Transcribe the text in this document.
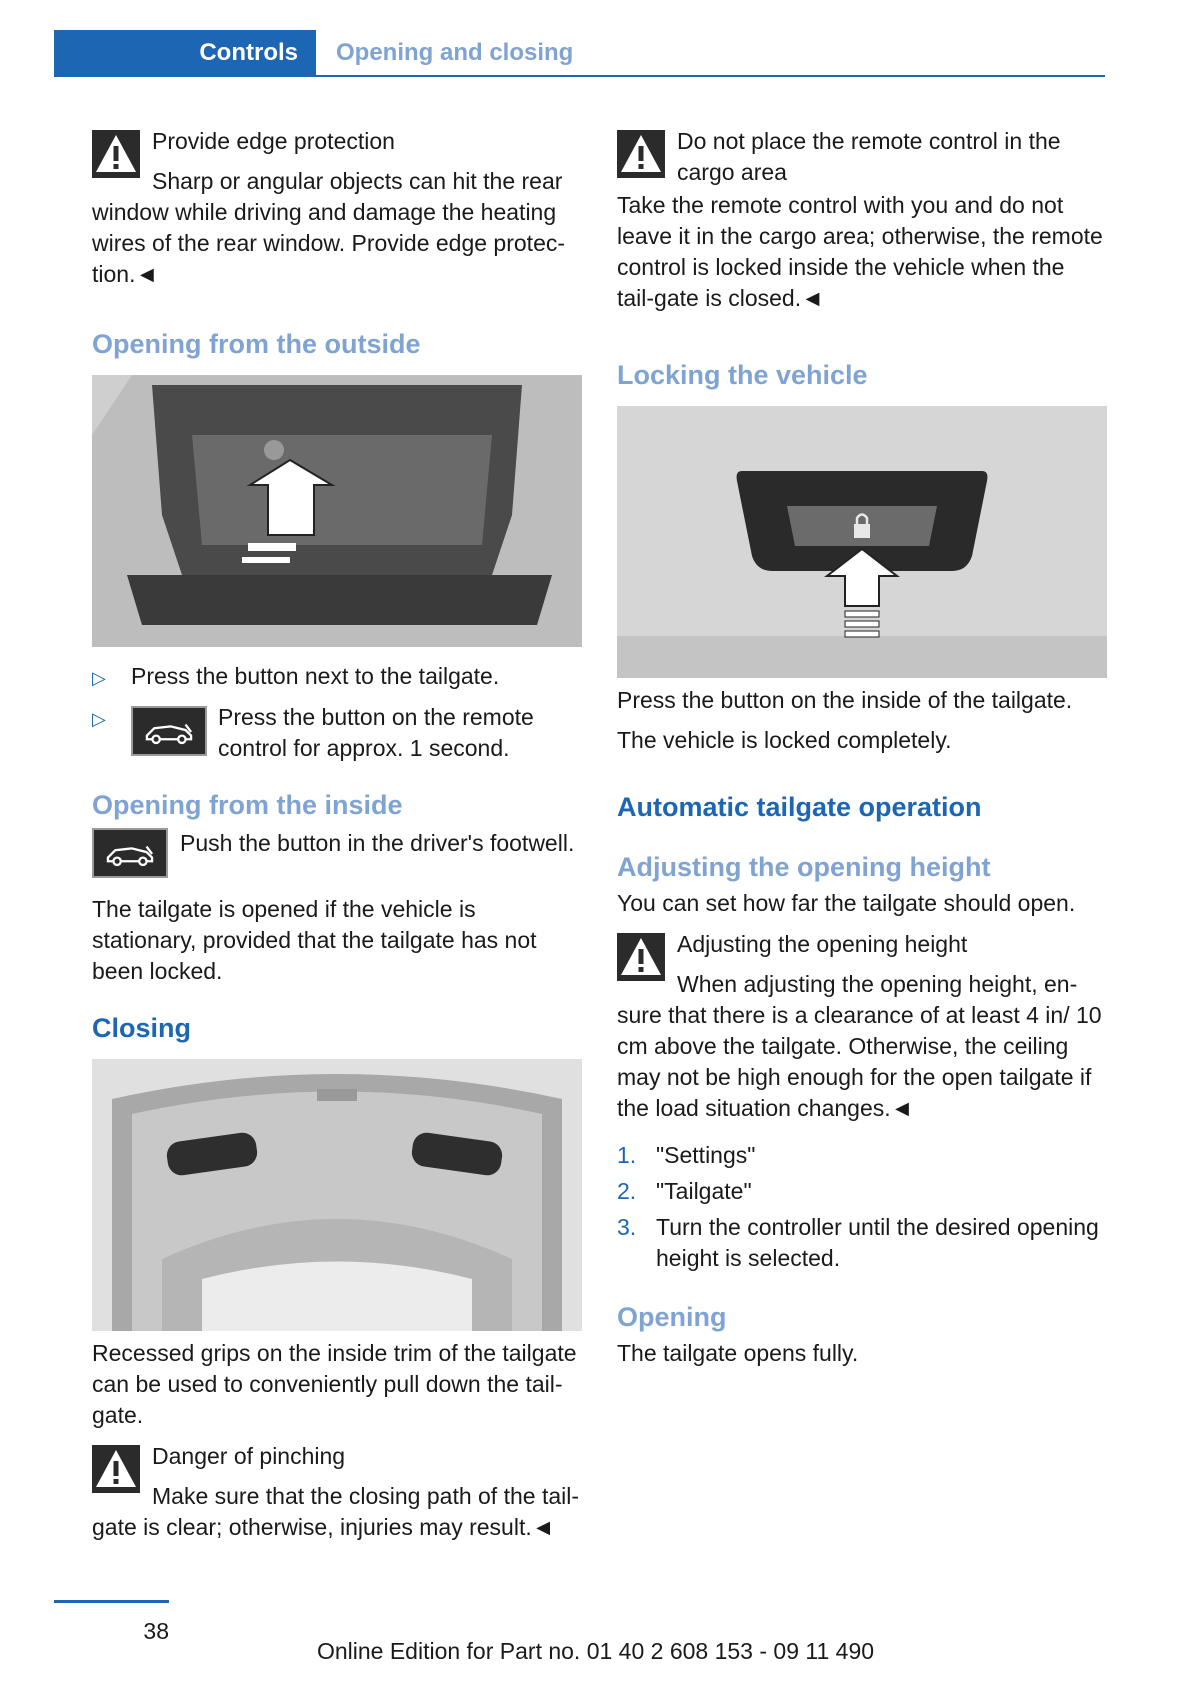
Controls Opening and closing

Provide edge protection
Sharp or angular objects can hit the rear window while driving and damage the heating wires of the rear window. Provide edge protec-tion.◄

Opening from the outside
▷ Press the button next to the tailgate.
▷	Press the button on the remote control for approx. 1 second.
Opening from the inside

Push the button in the driver's footwell.

The tailgate is opened if the vehicle is stationary, provided that the tailgate has not been locked.

Closing

Recessed grips on the inside trim of the tailgate can be used to conveniently pull down the tail-gate.

Danger of pinching
Make sure that the closing path of the tail-gate is clear; otherwise, injuries may result.◄

Do not place the remote control in the cargo area

Take the remote control with you and do not leave it in the cargo area; otherwise, the remote control is locked inside the vehicle when the tail-gate is closed.◄

Locking the vehicle

Press the button on the inside of the tailgate.

The vehicle is locked completely.

Automatic tailgate operation
Adjusting the opening height

You can set how far the tailgate should open.

Adjusting the opening height
When adjusting the opening height, en-sure that there is a clearance of at least 4 in/ 10 cm above the tailgate. Otherwise, the ceiling may not be high enough for the open tailgate if the load situation changes.◄

1. "Settings"
2. "Tailgate"
3. Turn the controller until the desired opening height is selected.
Opening

The tailgate opens fully.

38
Online Edition for Part no. 01 40 2 608 153 - 09 11 490
